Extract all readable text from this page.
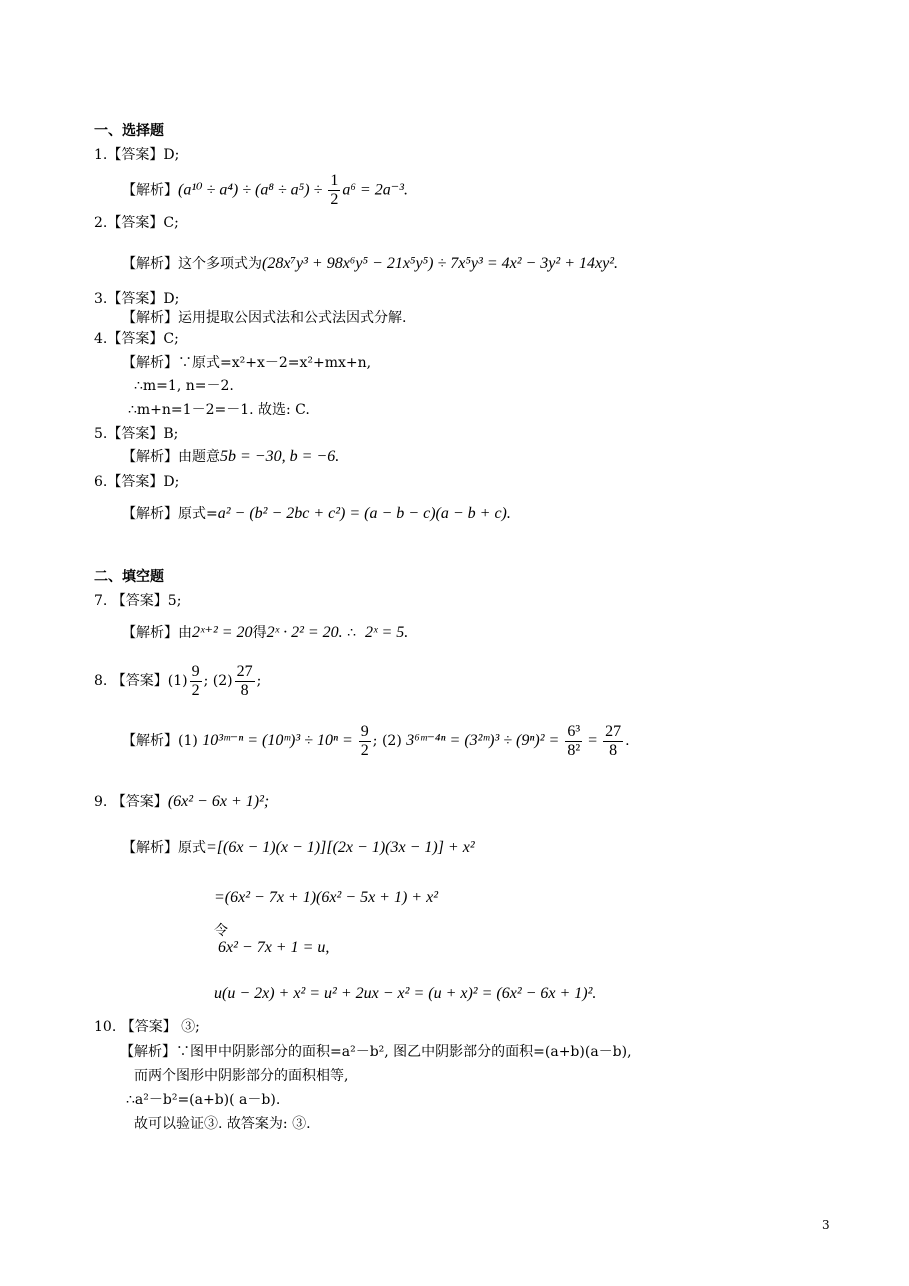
一、选择题
1.【答案】D;
【解析】$(a^{10} \div a^4) \div (a^8 \div a^5) \div \frac{1}{2} a^6 = 2a^{-3}$.
2.【答案】C;
【解析】这个多项式为(28x⁷y³ + 98x⁶y⁵ − 21x⁵y⁵) ÷ 7x⁵y³ = 4x² − 3y² + 14xy².
3.【答案】D;
【解析】运用提取公因式法和公式法因式分解.
4.【答案】C;
【解析】∵原式=x²+x－2=x²+mx+n,
∴m=1, n=－2.
∴m+n=1－2=－1. 故选: C.
5.【答案】B;
【解析】由题意5b = −30, b = −6.
6.【答案】D;
【解析】原式=a² − (b² − 2bc + c²) = (a − b − c)(a − b + c).
二、填空题
7. 【答案】5;
【解析】由2ˣ⁺² = 20得2ˣ · 2² = 20. ∴ 2ˣ = 5.
8. 【答案】$(1) \frac{9}{2}$ ; $(2) \frac{27}{8}$ ;
【解析】(1) 10³ᵐ⁻ⁿ = (10ᵐ)³ ÷ $10^n = \frac{9}{2}$ ; (2) 3⁶ᵐ⁻⁴ⁿ = (3²ᵐ)³ ÷ $(9^n)^2 = \frac{\text{6³}}{\text{8²}} = \frac{27}{8}$ .
9. 【答案】(6x² − 6x + 1)²;
【解析】原式=[(6x − 1)(x − 1)][(2x − 1)(3x − 1)] + x²
=(6x² − 7x + 1)(6x² − 5x + 1) + x²
令
6x² − 7x + 1 = u,
u(u − 2x) + x² = u² + 2ux − x² = (u + x)² = (6x² − 6x + 1)².
10. 【答案】 ③;
【解析】∵图甲中阴影部分的面积=a²－b², 图乙中阴影部分的面积=(a+b)(a－b),
而两个图形中阴影部分的面积相等,
∴a²－b²=(a+b)( a－b).
故可以验证③. 故答案为: ③.
3
